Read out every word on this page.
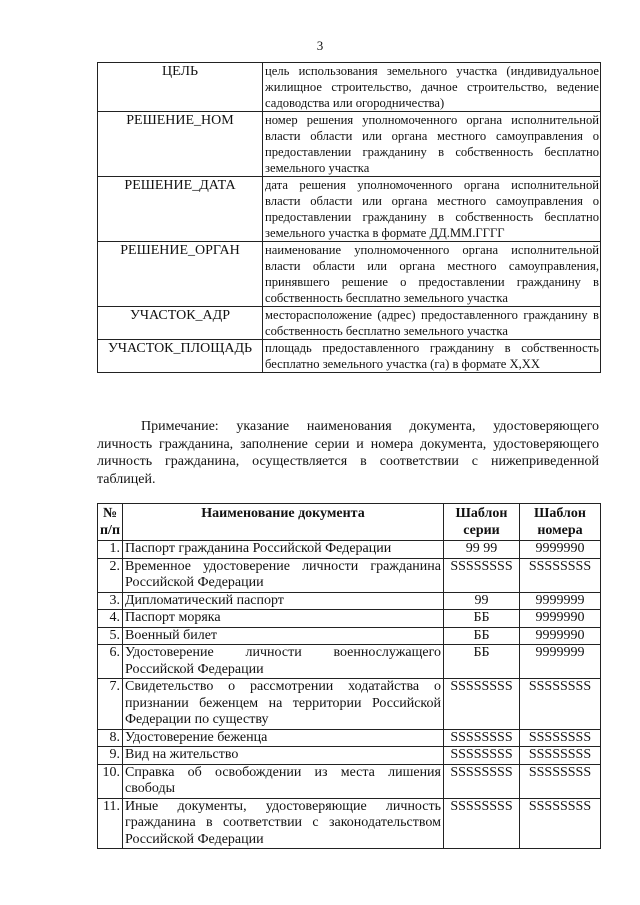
3
ЦЕЛЬ	цель использования земельного участка (индивидуальное жилищное строительство, дачное строительство, ведение садоводства или огородничества)
РЕШЕНИЕ_НОМ	номер решения уполномоченного органа исполнительной власти области или органа местного самоуправления о предоставлении гражданину в собственность бесплатно земельного участка
РЕШЕНИЕ_ДАТА	дата решения уполномоченного органа исполнительной власти области или органа местного самоуправления о предоставлении гражданину в собственность бесплатно земельного участка в формате ДД.ММ.ГГГГ
РЕШЕНИЕ_ОРГАН	наименование уполномоченного органа исполнительной власти области или органа местного самоуправления, принявшего решение о предоставлении гражданину в собственность бесплатно земельного участка
УЧАСТОК_АДР	месторасположение (адрес) предоставленного гражданину в собственность бесплатно земельного участка
УЧАСТОК_ПЛОЩАДЬ	площадь предоставленного гражданину в собственность бесплатно земельного участка (га) в формате Х,ХХ
Примечание: указание наименования документа, удостоверяющего личность гражданина, заполнение серии и номера документа, удостоверяющего личность гражданина, осуществляется в соответствии с нижеприведенной таблицей.
№ п/п	Наименование документа	Шаблон серии	Шаблон номера
1.	Паспорт гражданина Российской Федерации	99 99	9999990
2.	Временное удостоверение личности гражданина Российской Федерации	SSSSSSSS	SSSSSSSS
3.	Дипломатический паспорт	99	9999999
4.	Паспорт моряка	ББ	9999990
5.	Военный билет	ББ	9999990
6.	Удостоверение личности военнослужащего Российской Федерации	ББ	9999999
7.	Свидетельство о рассмотрении ходатайства о признании беженцем на территории Российской Федерации по существу	SSSSSSSS	SSSSSSSS
8.	Удостоверение беженца	SSSSSSSS	SSSSSSSS
9.	Вид на жительство	SSSSSSSS	SSSSSSSS
10.	Справка об освобождении из места лишения свободы	SSSSSSSS	SSSSSSSS
11.	Иные документы, удостоверяющие личность гражданина в соответствии с законодательством Российской Федерации	SSSSSSSS	SSSSSSSS
